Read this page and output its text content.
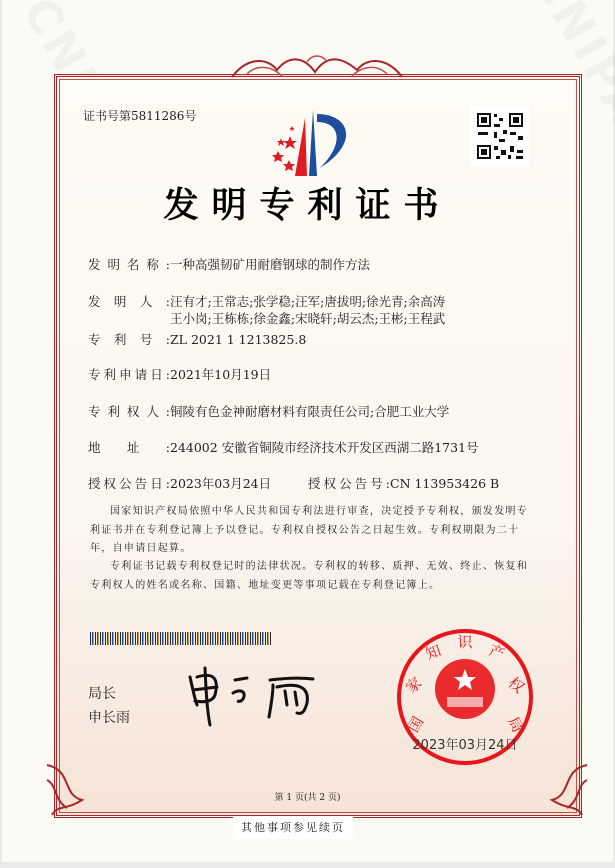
证书号第5811286号
发明专利证书
发明名称:一种高强韧矿用耐磨钢球的制作方法
发明人:汪有才;王常志;张学稳;汪军;唐拔明;徐光青;余高涛
王小岗;王栋栋;徐金鑫;宋晓轩;胡云杰;王彬;王程武
专利号:ZL 2021 1 1213825.8
专利申请日:2021年10月19日
专利权人:铜陵有色金神耐磨材料有限责任公司;合肥工业大学
地址:244002 安徽省铜陵市经济技术开发区西湖二路1731号
授权公告日:2023年03月24日	授权公告号:CN 113953426 B
国家知识产权局依照中华人民共和国专利法进行审查，决定授予专利权，颁发发明专利证书并在专利登记簿上予以登记。专利权自授权公告之日起生效。专利权期限为二十年，自申请日起算。
专利证书记载专利权登记时的法律状况。专利权的转移、质押、无效、终止、恢复和专利权人的姓名或名称、国籍、地址变更等事项记载在专利登记簿上。
局长
申长雨	国
家
知 识 产
权
局
2023年03月24日
第 1 页(共 2 页)
其他事项参见续页
